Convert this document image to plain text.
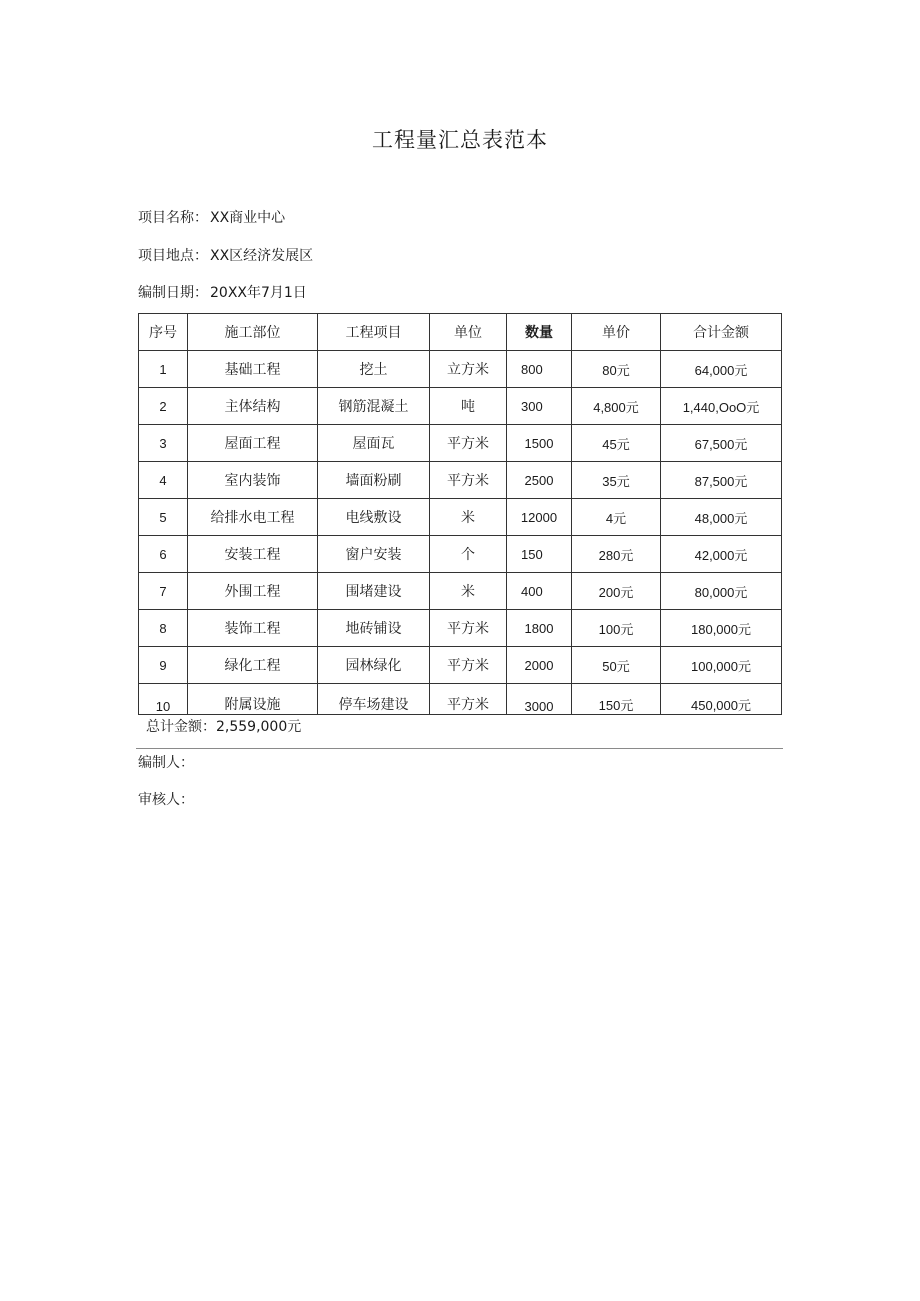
工程量汇总表范本
项目名称： XX商业中心
项目地点： XX区经济发展区
编制日期： 20XX年7月1日
序号	施工部位	工程项目	单位	数量	单价	合计金额
1	基础工程	挖土	立方米	800	80元	64,000元
2	主体结构	钢筋混凝土	吨	300	4,800元	1,440,OoO元
3	屋面工程	屋面瓦	平方米	1500	45元	67,500元
4	室内装饰	墙面粉刷	平方米	2500	35元	87,500元
5	给排水电工程	电线敷设	米	12000	4元	48,000元
6	安装工程	窗户安装	个	150	280元	42,000元
7	外围工程	围堵建设	米	400	200元	80,000元
8	装饰工程	地砖铺设	平方米	1800	100元	180,000元
9	绿化工程	园林绿化	平方米	2000	50元	100,000元
10	附属设施	停车场建设	平方米	3000	150元	450,000元
总计金额：2,559,000元
编制人：
审核人：
